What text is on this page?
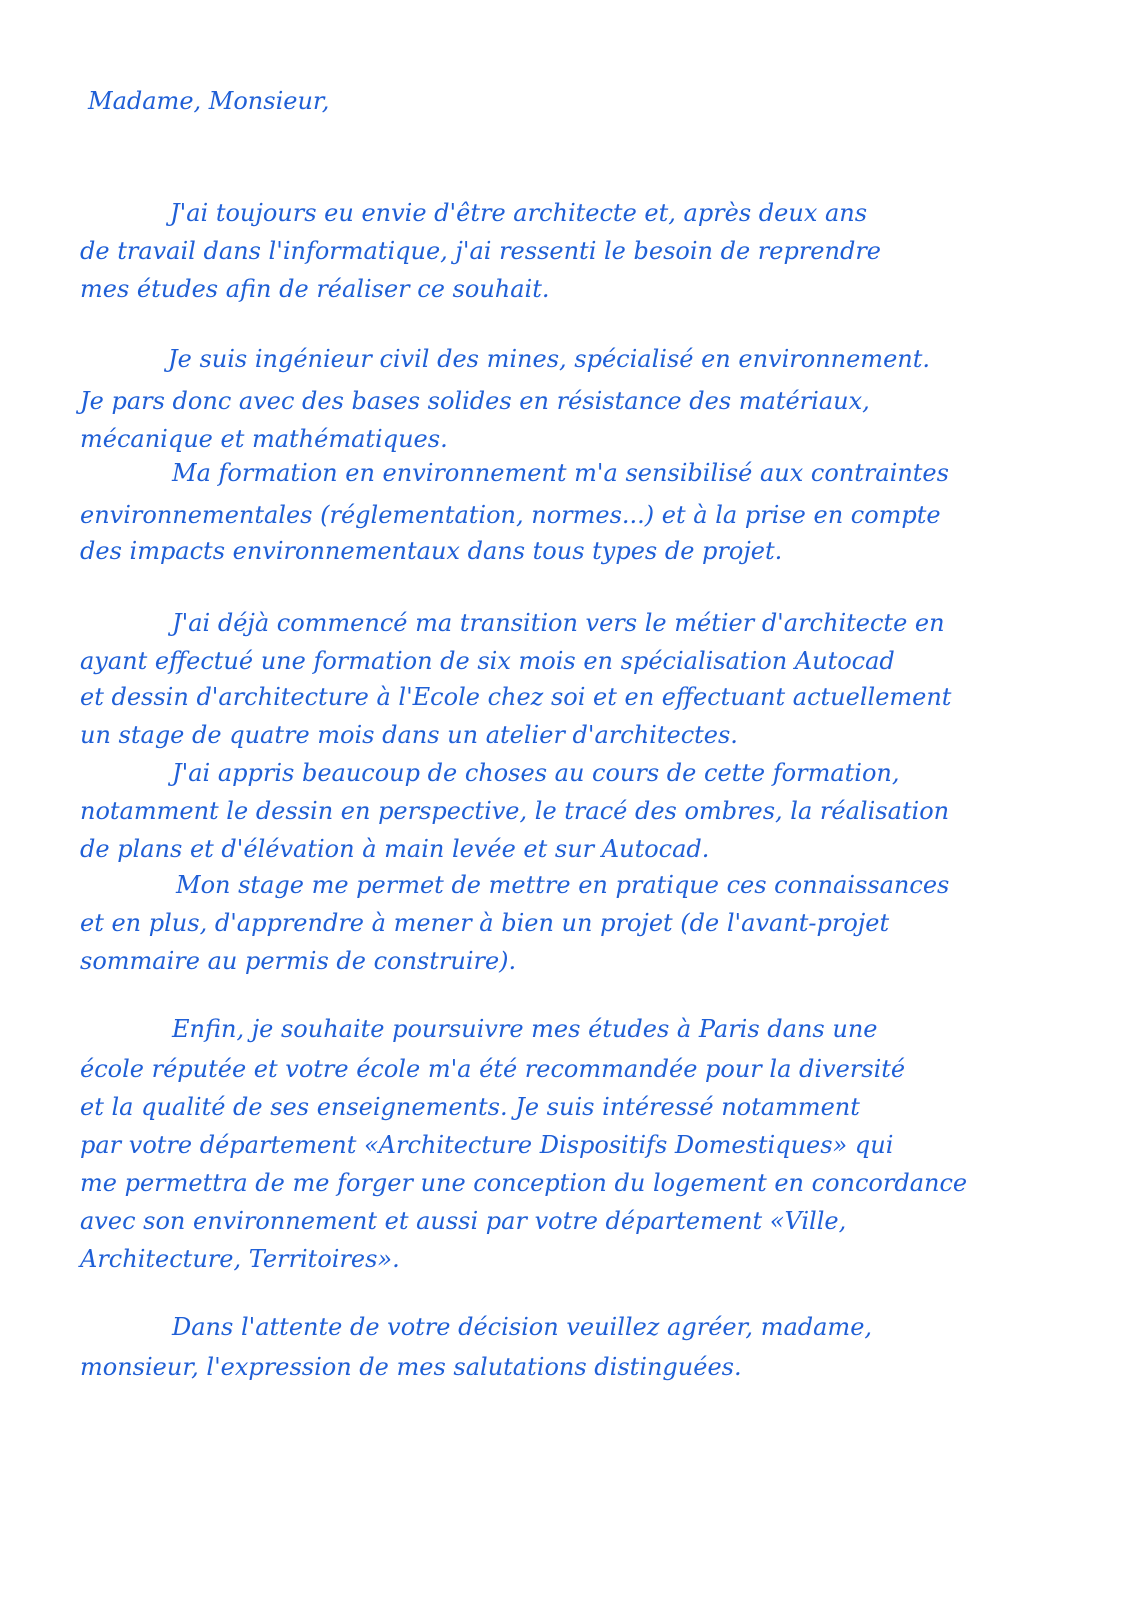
Madame, Monsieur,

J'ai toujours eu envie d'être architecte et, après deux ans

de travail dans l'informatique, j'ai ressenti le besoin de reprendre

mes études afin de réaliser ce souhait.

Je suis ingénieur civil des mines, spécialisé en environnement.

Je pars donc avec des bases solides en résistance des matériaux,

mécanique et mathématiques.

Ma formation en environnement m'a sensibilisé aux contraintes

environnementales (réglementation, normes...) et à la prise en compte

des impacts environnementaux dans tous types de projet.

J'ai déjà commencé ma transition vers le métier d'architecte en

ayant effectué une formation de six mois en spécialisation Autocad

et dessin d'architecture à l'Ecole chez soi et en effectuant actuellement

un stage de quatre mois dans un atelier d'architectes.

J'ai appris beaucoup de choses au cours de cette formation,

notamment le dessin en perspective, le tracé des ombres, la réalisation

de plans et d'élévation à main levée et sur Autocad.

Mon stage me permet de mettre en pratique ces connaissances

et en plus, d'apprendre à mener à bien un projet (de l'avant-projet

sommaire au permis de construire).

Enfin, je souhaite poursuivre mes études à Paris dans une

école réputée et votre école m'a été recommandée pour la diversité

et la qualité de ses enseignements. Je suis intéressé notamment

par votre département «Architecture Dispositifs Domestiques» qui

me permettra de me forger une conception du logement en concordance

avec son environnement et aussi par votre département «Ville,

Architecture, Territoires».

Dans l'attente de votre décision veuillez agréer, madame,

monsieur, l'expression de mes salutations distinguées.
